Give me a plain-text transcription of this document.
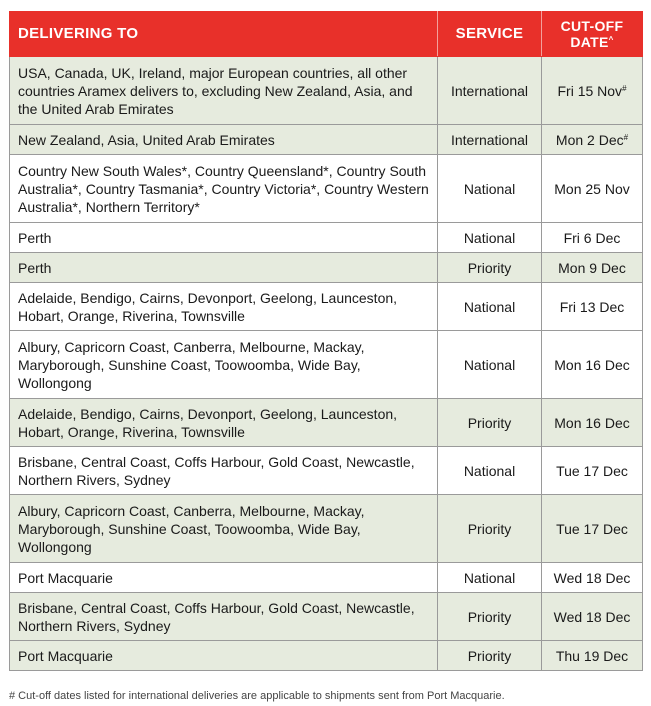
DELIVERING TO	SERVICE	CUT-OFF
DATE^
USA, Canada, UK, Ireland, major European countries, all other countries Aramex delivers to, excluding New Zealand, Asia, and the United Arab Emirates	International	Fri 15 Nov#
New Zealand, Asia, United Arab Emirates	International	Mon 2 Dec#
Country New South Wales*, Country Queensland*, Country South Australia*, Country Tasmania*, Country Victoria*, Country Western Australia*, Northern Territory*	National	Mon 25 Nov
Perth	National	Fri 6 Dec
Perth	Priority	Mon 9 Dec
Adelaide, Bendigo, Cairns, Devonport, Geelong, Launceston, Hobart, Orange, Riverina, Townsville	National	Fri 13 Dec
Albury, Capricorn Coast, Canberra, Melbourne, Mackay, Maryborough, Sunshine Coast, Toowoomba, Wide Bay, Wollongong	National	Mon 16 Dec
Adelaide, Bendigo, Cairns, Devonport, Geelong, Launceston, Hobart, Orange, Riverina, Townsville	Priority	Mon 16 Dec
Brisbane, Central Coast, Coffs Harbour, Gold Coast, Newcastle, Northern Rivers, Sydney	National	Tue 17 Dec
Albury, Capricorn Coast, Canberra, Melbourne, Mackay, Maryborough, Sunshine Coast, Toowoomba, Wide Bay, Wollongong	Priority	Tue 17 Dec
Port Macquarie	National	Wed 18 Dec
Brisbane, Central Coast, Coffs Harbour, Gold Coast, Newcastle, Northern Rivers, Sydney	Priority	Wed 18 Dec
Port Macquarie	Priority	Thu 19 Dec
# Cut-off dates listed for international deliveries are applicable to shipments sent from Port Macquarie.
